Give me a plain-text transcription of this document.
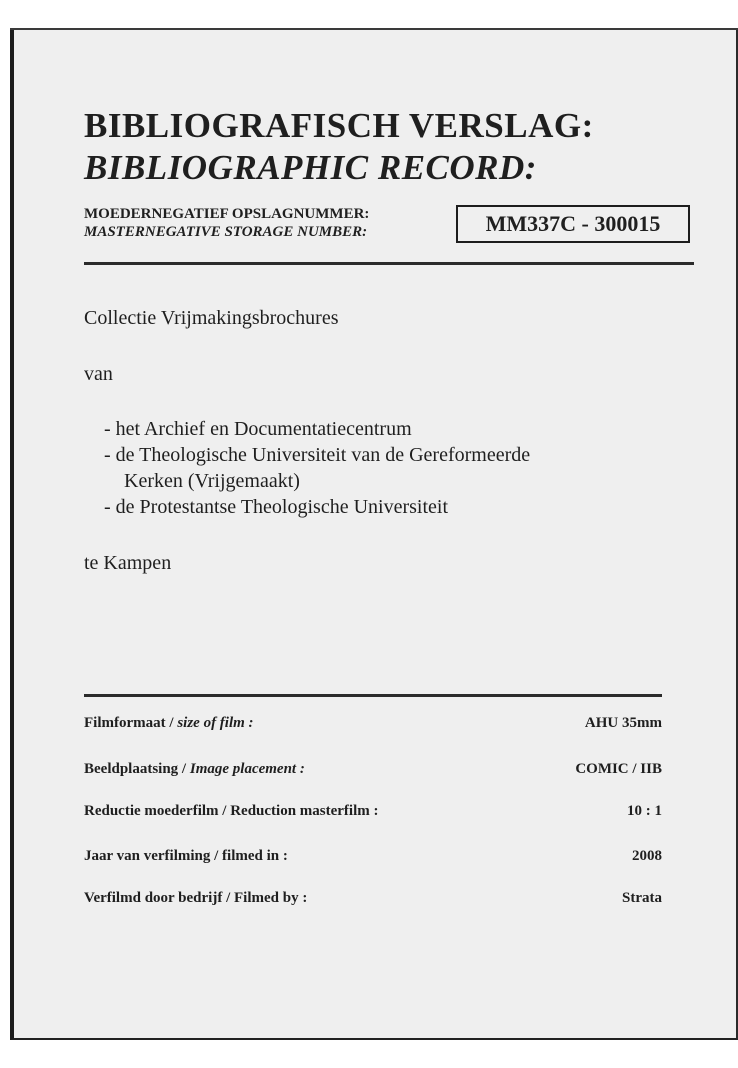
BIBLIOGRAFISCH VERSLAG:
BIBLIOGRAPHIC RECORD:
MOEDERNEGATIEF OPSLAGNUMMER:
MASTERNEGATIVE STORAGE NUMBER:	MM337C - 300015
Collectie Vrijmakingsbrochures
van
- het Archief en Documentatiecentrum
- de Theologische Universiteit van de Gereformeerde
Kerken (Vrijgemaakt)
- de Protestantse Theologische Universiteit
te Kampen
Filmformaat / size of film :	AHU 35mm
Beeldplaatsing / Image placement :	COMIC / IIB
Reductie moederfilm / Reduction masterfilm :	10 : 1
Jaar van verfilming / filmed in :	2008
Verfilmd door bedrijf / Filmed by :	Strata
